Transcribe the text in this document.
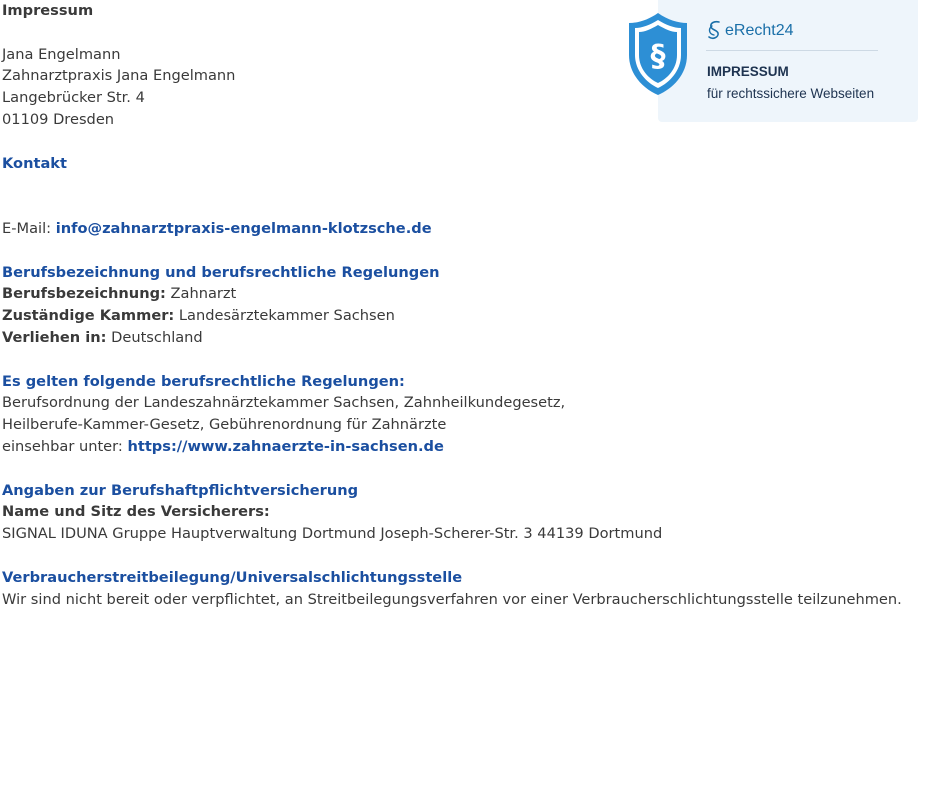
Impressum
Jana Engelmann
Zahnarztpraxis Jana Engelmann
Langebrücker Str. 4
01109 Dresden
Kontakt
E-Mail: info@zahnarztpraxis-engelmann-klotzsche.de
Berufsbezeichnung und berufsrechtliche Regelungen
Berufsbezeichnung: Zahnarzt
Zuständige Kammer: Landesärztekammer Sachsen
Verliehen in: Deutschland
Es gelten folgende berufsrechtliche Regelungen:
Berufsordnung der Landeszahnärztekammer Sachsen, Zahnheilkundegesetz,
Heilberufe-Kammer-Gesetz, Gebührenordnung für Zahnärzte
einsehbar unter: https://www.zahnaerzte-in-sachsen.de
Angaben zur Berufshaftpflichtversicherung
Name und Sitz des Versicherers:
SIGNAL IDUNA Gruppe Hauptverwaltung Dortmund Joseph-Scherer-Str. 3 44139 Dortmund
Verbraucherstreitbeilegung/Universalschlichtungsstelle
Wir sind nicht bereit oder verpflichtet, an Streitbeilegungsverfahren vor einer Verbraucherschlichtungsstelle teilzunehmen.
§
eRecht24
IMPRESSUM
für rechtssichere Webseiten
